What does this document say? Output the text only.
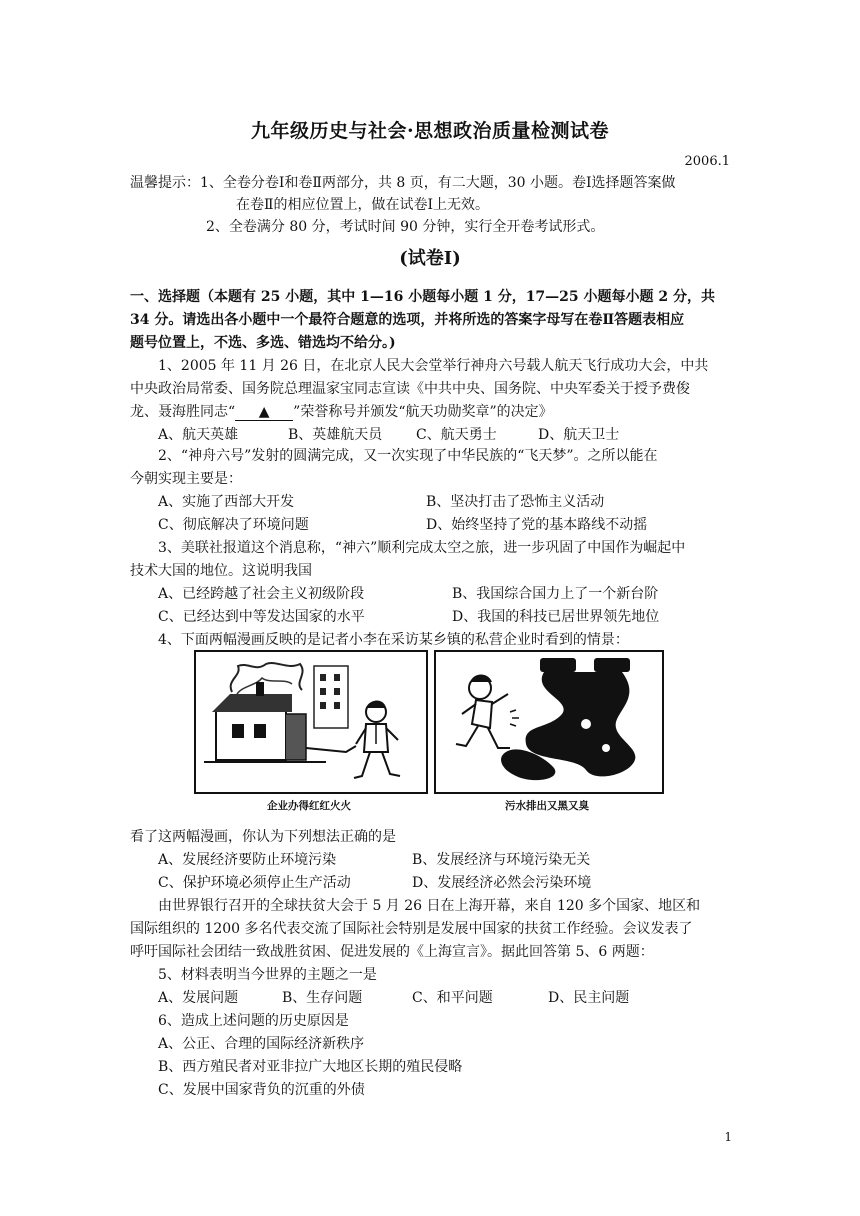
九年级历史与社会·思想政治质量检测试卷
2006.1
温馨提示：1、全卷分卷Ⅰ和卷Ⅱ两部分，共 8 页，有二大题，30 小题。卷Ⅰ选择题答案做
在卷Ⅱ的相应位置上，做在试卷Ⅰ上无效。
2、全卷满分 80 分，考试时间 90 分钟，实行全开卷考试形式。
(试卷Ⅰ)
一、选择题（本题有 25 小题，其中 1—16 小题每小题 1 分，17—25 小题每小题 2 分，共
34 分。请选出各小题中一个最符合题意的选项，并将所选的答案字母写在卷Ⅱ答题表相应
题号位置上，不选、多选、错选均不给分。)
1、2005 年 11 月 26 日，在北京人民大会堂举行神舟六号载人航天飞行成功大会，中共
中央政治局常委、国务院总理温家宝同志宣读《中共中央、国务院、中央军委关于授予费俊
龙、聂海胜同志“ ▲ ”荣誉称号并颁发“航天功勋奖章”的决定》
A、航天英雄	B、英雄航天员 C、航天勇士	D、航天卫士
2、“神舟六号”发射的圆满完成，又一次实现了中华民族的“飞天梦”。之所以能在
今朝实现主要是：
A、实施了西部大开发	B、坚决打击了恐怖主义活动
C、彻底解决了环境问题	D、始终坚持了党的基本路线不动摇
3、美联社报道这个消息称，“神六”顺利完成太空之旅，进一步巩固了中国作为崛起中
技术大国的地位。这说明我国
A、已经跨越了社会主义初级阶段	B、我国综合国力上了一个新台阶
C、已经达到中等发达国家的水平	D、我国的科技已居世界领先地位
4、下面两幅漫画反映的是记者小李在采访某乡镇的私营企业时看到的情景：
企业办得红红火火	污水排出又黑又臭
看了这两幅漫画，你认为下列想法正确的是
A、发展经济要防止环境污染	B、发展经济与环境污染无关
C、保护环境必须停止生产活动	D、发展经济必然会污染环境
由世界银行召开的全球扶贫大会于 5 月 26 日在上海开幕，来自 120 多个国家、地区和
国际组织的 1200 多名代表交流了国际社会特别是发展中国家的扶贫工作经验。会议发表了
呼吁国际社会团结一致战胜贫困、促进发展的《上海宣言》。据此回答第 5、6 两题：
5、材料表明当今世界的主题之一是
A、发展问题	B、生存问题	C、和平问题	D、民主问题
6、造成上述问题的历史原因是
A、公正、合理的国际经济新秩序
B、西方殖民者对亚非拉广大地区长期的殖民侵略
C、发展中国家背负的沉重的外债
1
